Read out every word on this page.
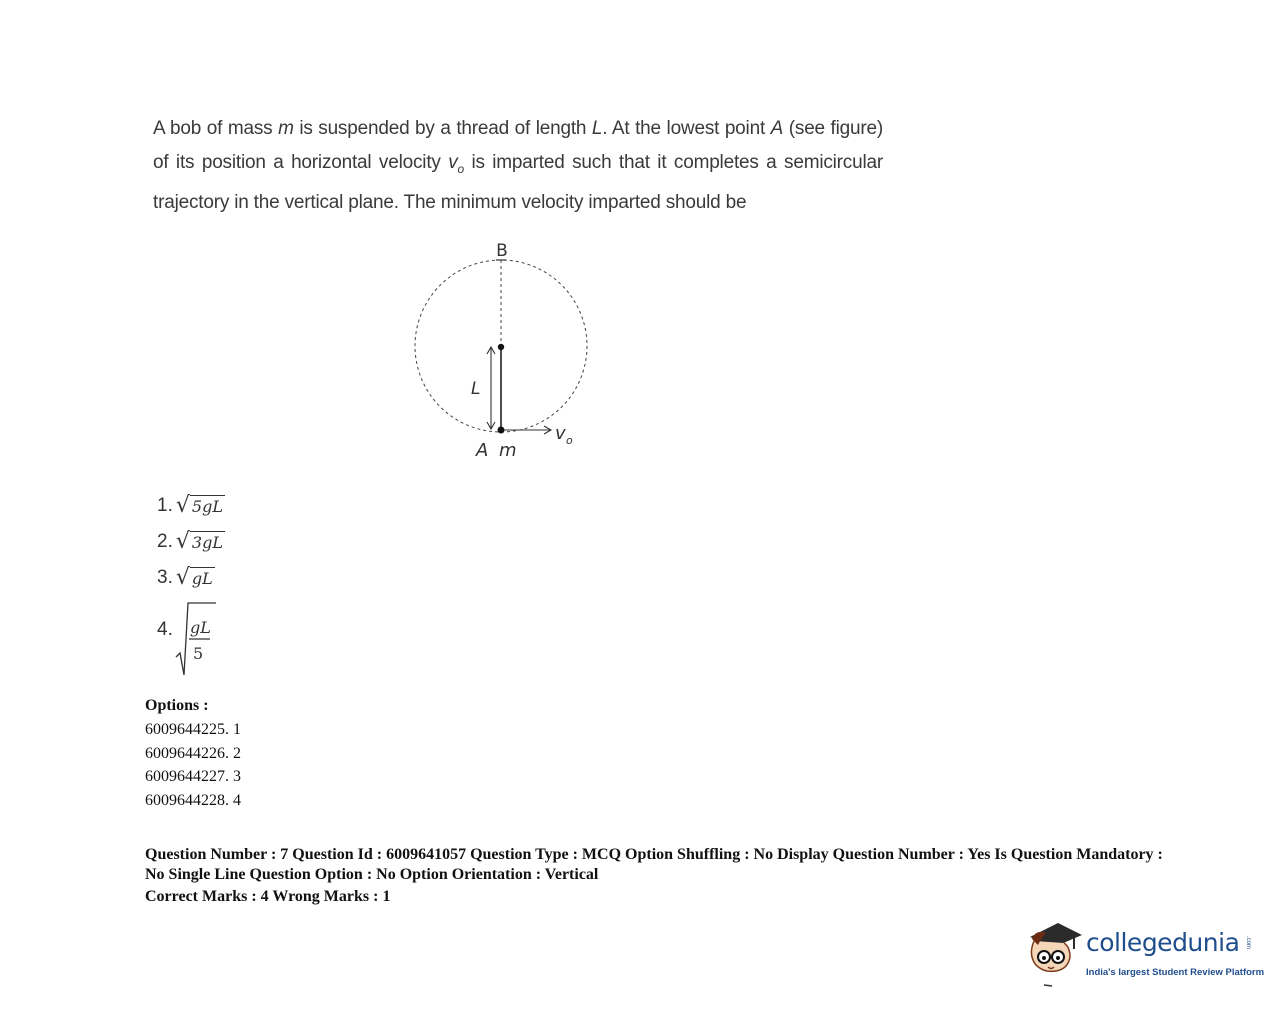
A bob of mass m is suspended by a thread of length L. At the lowest point A (see figure) of its position a horizontal velocity $v_o$ is imparted such that it completes a semicircular trajectory in the vertical plane. The minimum velocity imparted should be
B
L
A m
v o
1. √ 5gL
2. √ 3gL
3. √ gL
4. gL
5
Options :
6009644225. 1
6009644226. 2
6009644227. 3
6009644228. 4
Question Number : 7 Question Id : 6009641057 Question Type : MCQ Option Shuffling : No Display Question Number : Yes Is Question Mandatory : No Single Line Question Option : No Option Orientation : Vertical
Correct Marks : 4 Wrong Marks : 1
collegedunia .com
India's largest Student Review Platform
